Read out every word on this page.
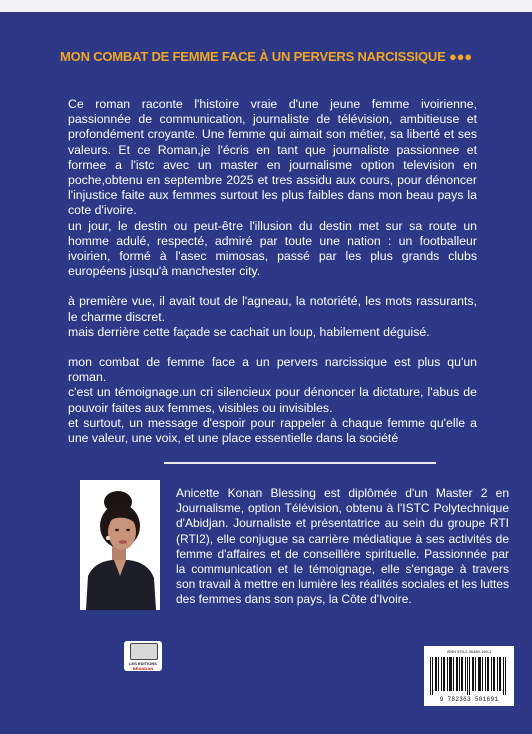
MON COMBAT DE FEMME FACE À UN PERVERS NARCISSIQUE ●●●

Ce roman raconte l'histoire vraie d'une jeune femme ivoirienne, passionnée de communication, journaliste de télévision, ambitieuse et profondément croyante. Une femme qui aimait son métier, sa liberté et ses valeurs. Et ce Roman,je l'écris en tant que journaliste passionnee et formee a l'istc avec un master en journalisme option television en poche,obtenu en septembre 2025 et tres assidu aux cours, pour dénoncer l'injustice faite aux femmes surtout les plus faibles dans mon beau pays la cote d'ivoire.

un jour, le destin ou peut-être l'illusion du destin met sur sa route un homme adulé, respecté, admiré par toute une nation : un footballeur ivoirien, formé à l'asec mimosas, passé par les plus grands clubs européens jusqu'à manchester city.

à première vue, il avait tout de l'agneau, la notoriété, les mots rassurants, le charme discret.

mais derrière cette façade se cachait un loup, habilement déguisé.

mon combat de femme face a un pervers narcissique est plus qu'un roman.

c'est un témoignage.un cri silencieux pour dénoncer la dictature, l'abus de pouvoir faites aux femmes, visibles ou invisibles.

et surtout, un message d'espoir pour rappeler à chaque femme qu'elle a une valeur, une voix, et une place essentielle dans la société

Anicette Konan Blessing est diplômée d'un Master 2 en Journalisme, option Télévision, obtenu à l'ISTC Polytechnique d'Abidjan. Journaliste et présentatrice au sein du groupe RTI (RTI2), elle conjugue sa carrière médiatique à ses activités de femme d'affaires et de conseillère spirituelle. Passionnée par la communication et le témoignage, elle s'engage à travers son travail à mettre en lumière les réalités sociales et les luttes des femmes dans son pays, la Côte d'Ivoire.
LES EDITIONS
BRANDAN
ISBN 978-2-36389-169-1
9 782363 501691
